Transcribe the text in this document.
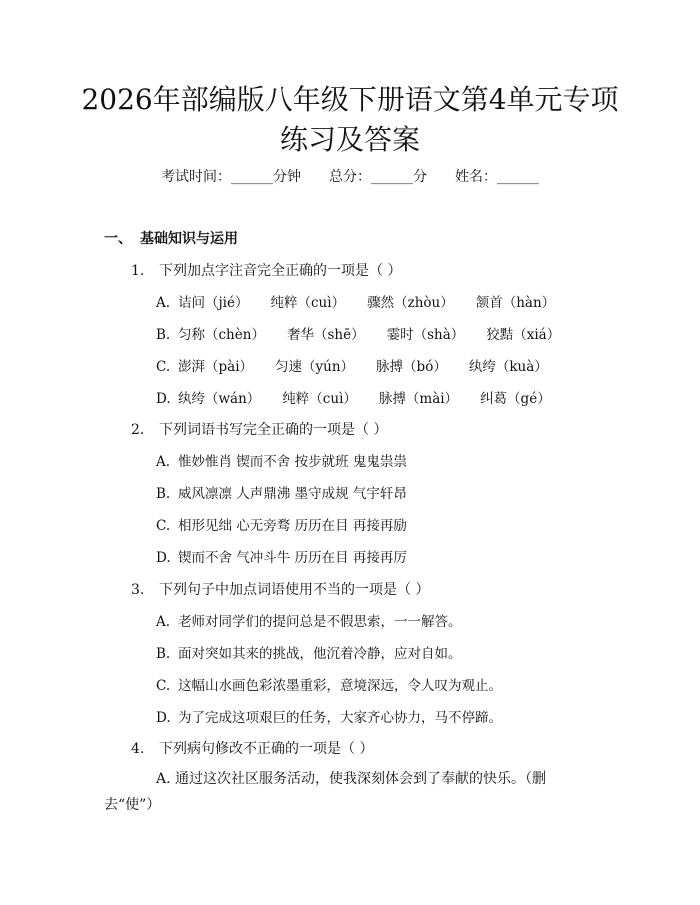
2026年部编版八年级下册语文第4单元专项练习及答案
考试时间：______分钟 总分：______分 姓名：______
一、 基础知识与运用
1. 下列加点字注音完全正确的一项是（ ）
A. 诘问（jié） 纯粹（cuì） 骤然（zhòu） 颔首（hàn）
B. 匀称（chèn） 奢华（shē） 霎时（shà） 狡黠（xiá）
C. 澎湃（pài） 匀速（yún） 脉搏（bó） 纨绔（kuà）
D. 纨绔（wán） 纯粹（cuì） 脉搏（mài） 纠葛（gé）
2. 下列词语书写完全正确的一项是（ ）
A. 惟妙惟肖 锲而不舍 按步就班 鬼鬼祟祟
B. 威风凛凛 人声鼎沸 墨守成规 气宇轩昂
C. 相形见绌 心无旁骛 历历在目 再接再励
D. 锲而不舍 气冲斗牛 历历在目 再接再厉
3. 下列句子中加点词语使用不当的一项是（ ）
A. 老师对同学们的提问总是不假思索，一一解答。
B. 面对突如其来的挑战，他沉着冷静，应对自如。
C. 这幅山水画色彩浓墨重彩，意境深远，令人叹为观止。
D. 为了完成这项艰巨的任务，大家齐心协力，马不停蹄。
4. 下列病句修改不正确的一项是（ ）
A. 通过这次社区服务活动，使我深刻体会到了奉献的快乐。（删去“使”）
